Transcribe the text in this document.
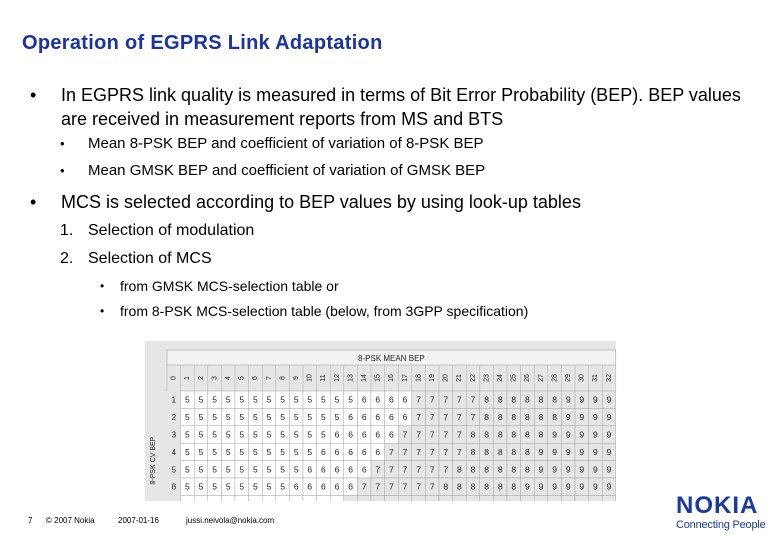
Operation of EGPRS Link Adaptation
• In EGPRS link quality is measured in terms of Bit Error Probability (BEP). BEP values are received in measurement reports from MS and BTS
• Mean 8-PSK BEP and coefficient of variation of 8-PSK BEP
• Mean GMSK BEP and coefficient of variation of GMSK BEP
• MCS is selected according to BEP values by using look-up tables
1. Selection of modulation
2. Selection of MCS
• from GMSK MCS-selection table or
• from 8-PSK MCS-selection table (below, from 3GPP specification)
8-PSK MEAN BEP
0 1 2 3 4 5 6 7 8 9 10 11 12 13 14 15 16 17 18 19 20 21 22 23 24 25 26 27 28 29 30 31 32
8-PSK CV BEP
1 5 5 5 5 5 5 5 5 5 5 5 5 5 6 6 6 6 7 7 7 7 7 8 8 8 8 8 8 9 9 9 9
2 5 5 5 5 5 5 5 5 5 5 5 5 6 6 6 6 6 7 7 7 7 7 8 8 8 8 8 8 9 9 9 9
3 5 5 5 5 5 5 5 5 5 5 5 6 6 6 6 6 7 7 7 7 7 8 8 8 8 8 8 9 9 9 9 9
4 5 5 5 5 5 5 5 5 5 5 6 6 6 6 6 7 7 7 7 7 7 8 8 8 8 8 9 9 9 9 9 9
5 5 5 5 5 5 5 5 5 5 6 6 6 6 6 7 7 7 7 7 7 8 8 8 8 8 8 9 9 9 9 9 9
6 5 5 5 5 5 5 5 5 6 6 6 6 6 7 7 7 7 7 7 8 8 8 8 8 8 9 9 9 9 9 9 9
7 © 2007 Nokia	2007-01-16	jussi.neivola@nokia.com
NOKIA
Connecting People
